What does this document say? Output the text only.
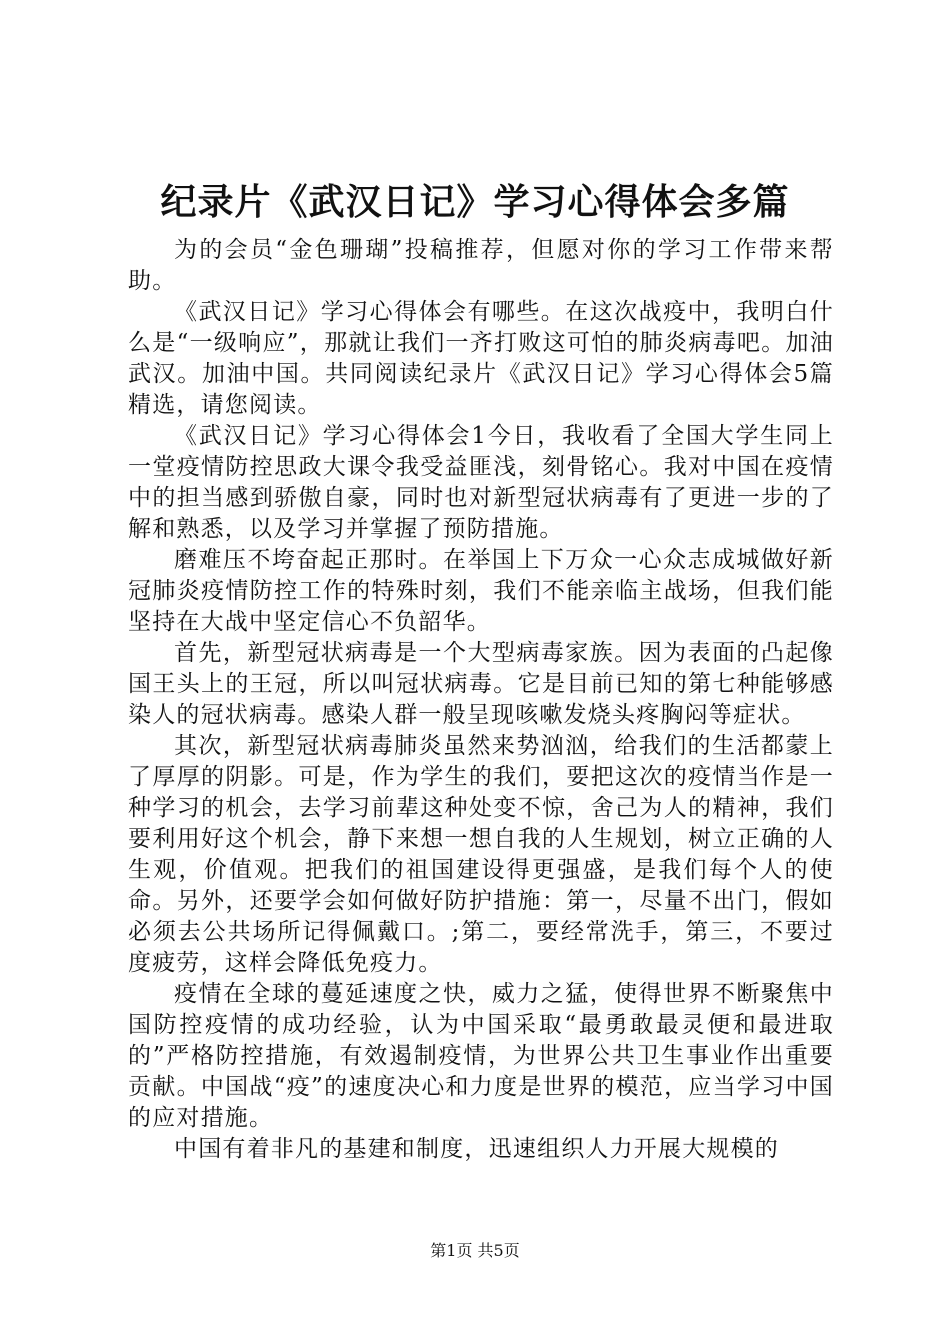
纪录片《武汉日记》学习心得体会多篇

为的会员“金色珊瑚”投稿推荐，但愿对你的学习工作带来帮助。

《武汉日记》学习心得体会有哪些。在这次战疫中，我明白什么是“一级响应”，那就让我们一齐打败这可怕的肺炎病毒吧。加油武汉。加油中国。共同阅读纪录片《武汉日记》学习心得体会5篇精选，请您阅读。

《武汉日记》学习心得体会1今日，我收看了全国大学生同上一堂疫情防控思政大课令我受益匪浅，刻骨铭心。我对中国在疫情中的担当感到骄傲自豪，同时也对新型冠状病毒有了更进一步的了解和熟悉，以及学习并掌握了预防措施。

磨难压不垮奋起正那时。在举国上下万众一心众志成城做好新冠肺炎疫情防控工作的特殊时刻，我们不能亲临主战场，但我们能坚持在大战中坚定信心不负韶华。

首先，新型冠状病毒是一个大型病毒家族。因为表面的凸起像国王头上的王冠，所以叫冠状病毒。它是目前已知的第七种能够感染人的冠状病毒。感染人群一般呈现咳嗽发烧头疼胸闷等症状。

其次，新型冠状病毒肺炎虽然来势汹汹，给我们的生活都蒙上了厚厚的阴影。可是，作为学生的我们，要把这次的疫情当作是一种学习的机会，去学习前辈这种处变不惊，舍己为人的精神，我们要利用好这个机会，静下来想一想自我的人生规划，树立正确的人生观，价值观。把我们的祖国建设得更强盛，是我们每个人的使命。另外，还要学会如何做好防护措施：第一，尽量不出门，假如必须去公共场所记得佩戴口。;第二，要经常洗手，第三，不要过度疲劳，这样会降低免疫力。

疫情在全球的蔓延速度之快，威力之猛，使得世界不断聚焦中国防控疫情的成功经验，认为中国采取“最勇敢最灵便和最进取的”严格防控措施，有效遏制疫情，为世界公共卫生事业作出重要贡献。中国战“疫”的速度决心和力度是世界的模范，应当学习中国的应对措施。

中国有着非凡的基建和制度，迅速组织人力开展大规模的

第1页 共5页
